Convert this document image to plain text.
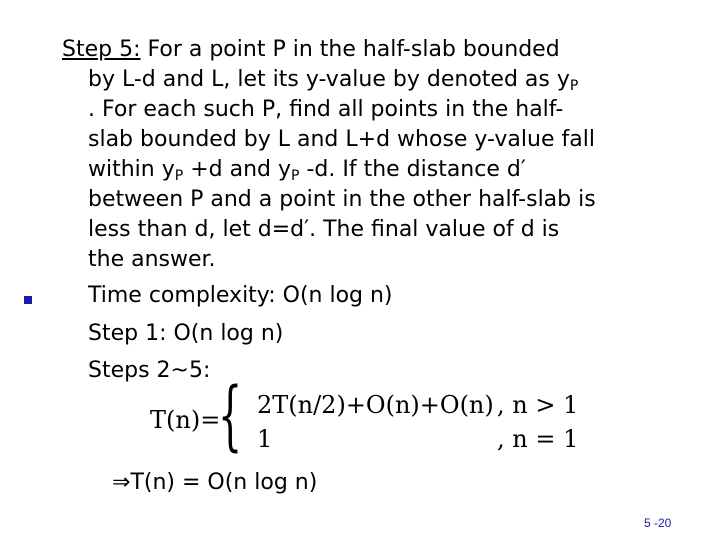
Step 5: For a point P in the half-slab bounded
by L-d and L, let its y-value by denoted as $y_P$
. For each such P, find all points in the half-
slab bounded by L and L+d whose y-value fall
within $y_P +d$ and $y_P$ -d. If the distance d′
between P and a point in the other half-slab is
less than d, let d=d′. The final value of d is
the answer.
Time complexity: O(n log n)
Step 1: O(n log n)
Steps 2~5:
T(n)=
{ 2T(n/2)+O(n)+O(n) , n > 1
1	, n = 1
⇒T(n) = O(n log n)
5 -20
